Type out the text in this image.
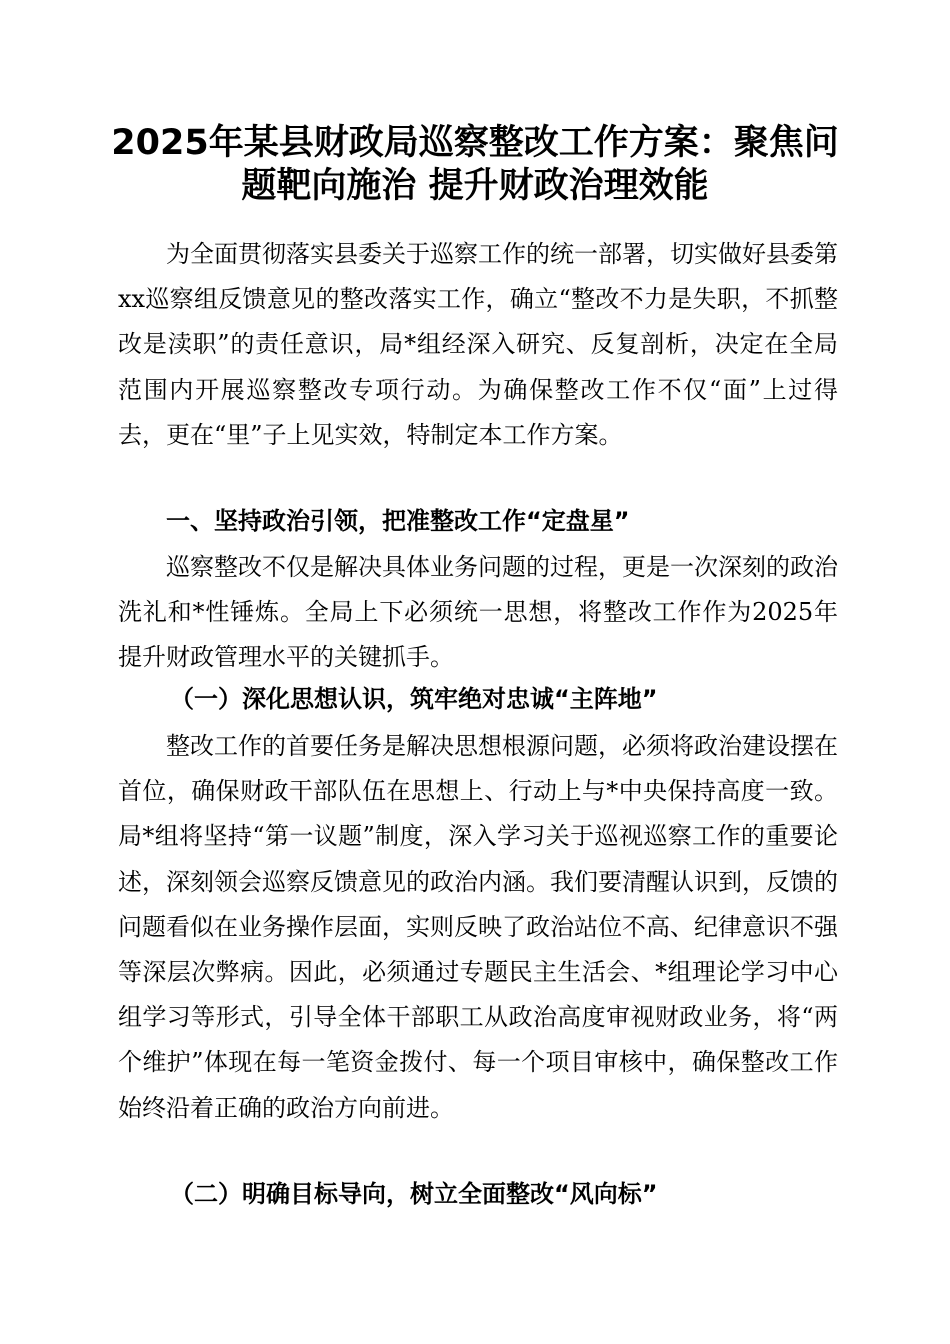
2025年某县财政局巡察整改工作方案：聚焦问
题靶向施治 提升财政治理效能

为全面贯彻落实县委关于巡察工作的统一部署，切实做好县委第xx巡察组反馈意见的整改落实工作，确立“整改不力是失职，不抓整改是渎职”的责任意识，局*组经深入研究、反复剖析，决定在全局范围内开展巡察整改专项行动。为确保整改工作不仅“面”上过得去，更在“里”子上见实效，特制定本工作方案。

一、坚持政治引领，把准整改工作“定盘星”

巡察整改不仅是解决具体业务问题的过程，更是一次深刻的政治洗礼和*性锤炼。全局上下必须统一思想，将整改工作作为2025年提升财政管理水平的关键抓手。

（一）深化思想认识，筑牢绝对忠诚“主阵地”

整改工作的首要任务是解决思想根源问题，必须将政治建设摆在首位，确保财政干部队伍在思想上、行动上与*中央保持高度一致。局*组将坚持“第一议题”制度，深入学习关于巡视巡察工作的重要论述，深刻领会巡察反馈意见的政治内涵。我们要清醒认识到，反馈的问题看似在业务操作层面，实则反映了政治站位不高、纪律意识不强等深层次弊病。因此，必须通过专题民主生活会、*组理论学习中心组学习等形式，引导全体干部职工从政治高度审视财政业务，将“两个维护”体现在每一笔资金拨付、每一个项目审核中，确保整改工作始终沿着正确的政治方向前进。

（二）明确目标导向，树立全面整改“风向标”
